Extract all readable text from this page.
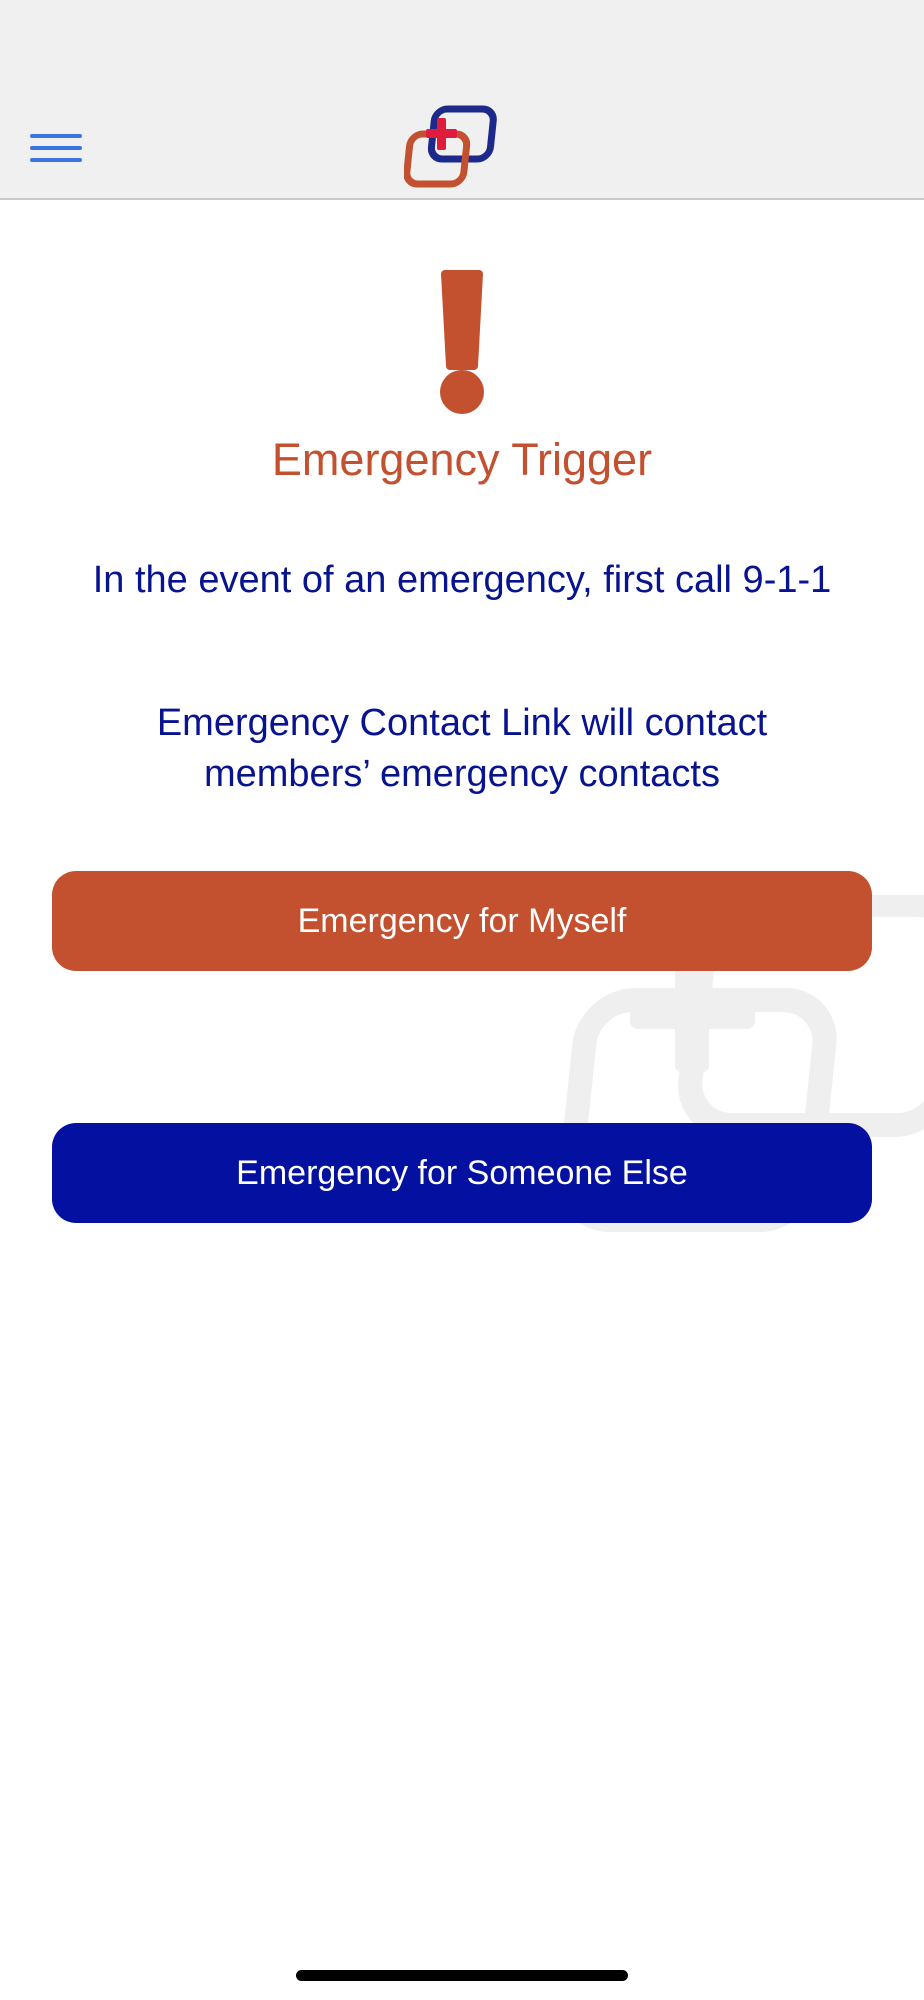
Emergency Trigger
In the event of an emergency, first call 9-1-1
Emergency Contact Link will contact members’ emergency contacts
Emergency for Myself
Emergency for Someone Else
